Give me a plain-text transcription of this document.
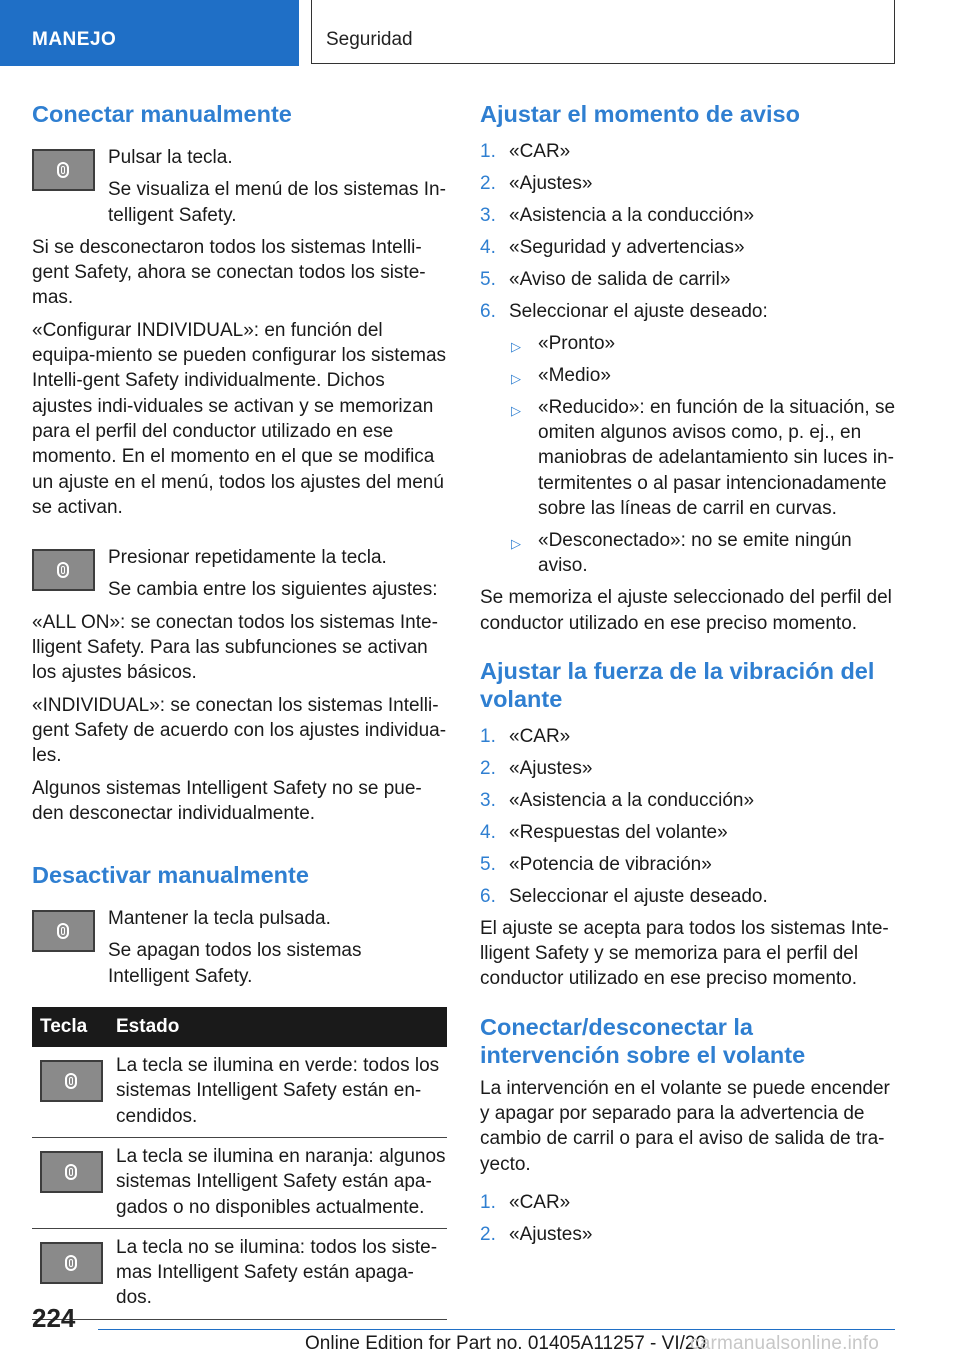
MANEJO	Seguridad
Conectar manualmente

Pulsar la tecla.

Se visualiza el menú de los sistemas In-telligent Safety.

Si se desconectaron todos los sistemas Intelli-gent Safety, ahora se conectan todos los siste-mas.

«Configurar INDIVIDUAL»: en función del equipa-miento se pueden configurar los sistemas Intelli-gent Safety individualmente. Dichos ajustes indi-viduales se activan y se memorizan para el perfil del conductor utilizado en ese momento. En el momento en el que se modifica un ajuste en el menú, todos los ajustes del menú se activan.

Presionar repetidamente la tecla.

Se cambia entre los siguientes ajustes:

«ALL ON»: se conectan todos los sistemas Inte-lligent Safety. Para las subfunciones se activan los ajustes básicos.

«INDIVIDUAL»: se conectan los sistemas Intelli-gent Safety de acuerdo con los ajustes individua-les.

Algunos sistemas Intelligent Safety no se pue-den desconectar individualmente.

Desactivar manualmente

Mantener la tecla pulsada.

Se apagan todos los sistemas Intelligent Safety.

Tecla	Estado

	La tecla se ilumina en verde: todos los sistemas Intelligent Safety están en-cendidos.

	La tecla se ilumina en naranja: algunos sistemas Intelligent Safety están apa-gados o no disponibles actualmente.

	La tecla no se ilumina: todos los siste-mas Intelligent Safety están apaga-dos.
Ajustar el momento de aviso
1. «CAR»
2. «Ajustes»
3. «Asistencia a la conducción»
4. «Seguridad y advertencias»
5. «Aviso de salida de carril»
6. Seleccionar el ajuste deseado:
▷ «Pronto»
▷ «Medio»
▷ «Reducido»: en función de la situación, se omiten algunos avisos como, p. ej., en maniobras de adelantamiento sin luces in-termitentes o al pasar intencionadamente sobre las líneas de carril en curvas.
▷ «Desconectado»: no se emite ningún aviso.

Se memoriza el ajuste seleccionado del perfil del conductor utilizado en ese preciso momento.

Ajustar la fuerza de la vibración del volante
1. «CAR»
2. «Ajustes»
3. «Asistencia a la conducción»
4. «Respuestas del volante»
5. «Potencia de vibración»
6. Seleccionar el ajuste deseado.

El ajuste se acepta para todos los sistemas Inte-lligent Safety y se memoriza para el perfil del conductor utilizado en ese preciso momento.

Conectar/desconectar la intervención sobre el volante

La intervención en el volante se puede encender y apagar por separado para la advertencia de cambio de carril o para el aviso de salida de tra-yecto.

1. «CAR»
2. «Ajustes»
224
Online Edition for Part no. 01405A11257 - VI/20
carmanualsonline.info
